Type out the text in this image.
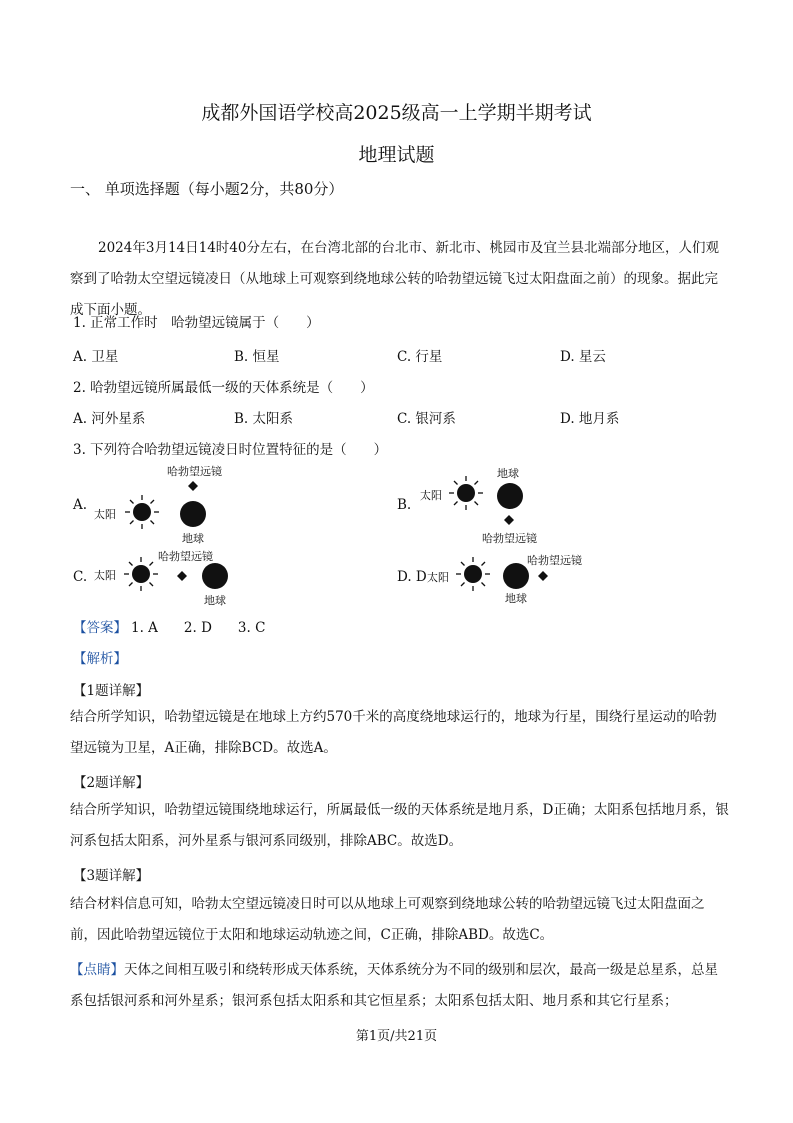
成都外国语学校高2025级高一上学期半期考试
地理试题
一、 单项选择题（每小题2分，共80分）
2024年3月14日14时40分左右，在台湾北部的台北市、新北市、桃园市及宜兰县北端部分地区，人们观察到了哈勃太空望远镜凌日（从地球上可观察到绕地球公转的哈勃望远镜飞过太阳盘面之前）的现象。据此完成下面小题。
1. 正常工作时　哈勃望远镜属于（　　）
A. 卫星	B. 恒星	C. 行星	D. 星云
2. 哈勃望远镜所属最低一级的天体系统是（　　）
A. 河外星系	B. 太阳系	C. 银河系	D. 地月系
3. 下列符合哈勃望远镜凌日时位置特征的是（　　）
A.
哈勃望远镜
太阳
地球
B.
地球
太阳
哈勃望远镜
C.
哈勃望远镜
太阳
地球
D. D
哈勃望远镜
太阳
地球
【答案】 1. A 2. D 3. C
【解析】
【1题详解】
结合所学知识，哈勃望远镜是在地球上方约570千米的高度绕地球运行的，地球为行星，围绕行星运动的哈勃望远镜为卫星，A正确，排除BCD。故选A。
【2题详解】
结合所学知识，哈勃望远镜围绕地球运行，所属最低一级的天体系统是地月系，D正确；太阳系包括地月系，银河系包括太阳系，河外星系与银河系同级别，排除ABC。故选D。
【3题详解】
结合材料信息可知，哈勃太空望远镜凌日时可以从地球上可观察到绕地球公转的哈勃望远镜飞过太阳盘面之前，因此哈勃望远镜位于太阳和地球运动轨迹之间，C正确，排除ABD。故选C。
【点睛】天体之间相互吸引和绕转形成天体系统，天体系统分为不同的级别和层次，最高一级是总星系，总星系包括银河系和河外星系；银河系包括太阳系和其它恒星系；太阳系包括太阳、地月系和其它行星系；
第1页/共21页
